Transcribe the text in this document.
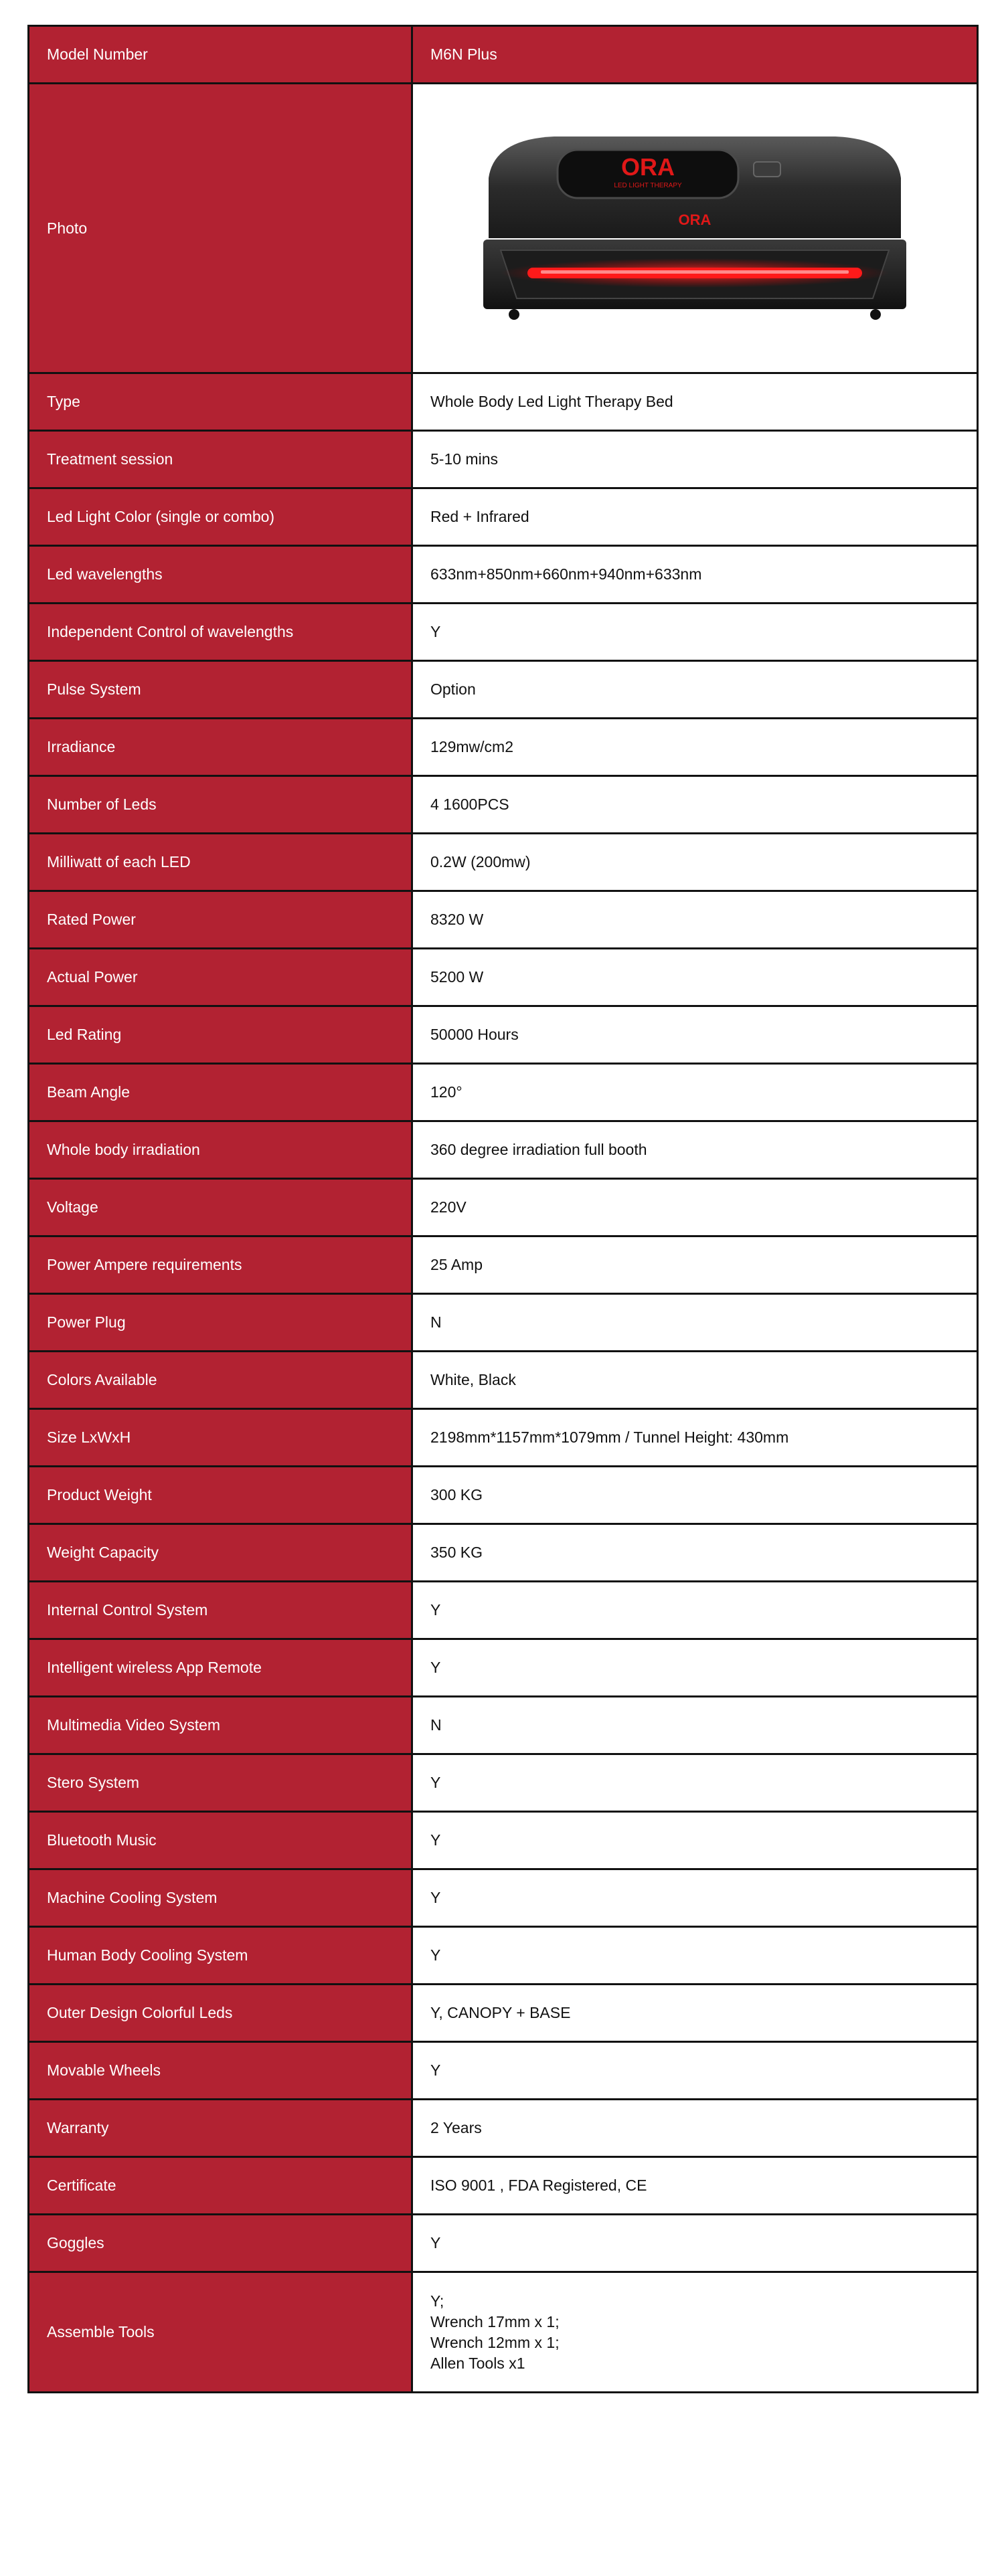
Model Number	M6N Plus
Photo	ORA
LED LIGHT THERAPY
ORA

Type	Whole Body Led Light Therapy Bed
Treatment session	5-10 mins
Led Light Color (single or combo)	Red + Infrared
Led wavelengths	633nm+850nm+660nm+940nm+633nm
Independent Control of wavelengths	Y
Pulse System	Option
Irradiance	129mw/cm2
Number of Leds	4 1600PCS
Milliwatt of each LED	0.2W (200mw)
Rated Power	8320 W
Actual Power	5200 W
Led Rating	50000 Hours
Beam Angle	120°
Whole body irradiation	360 degree irradiation full booth
Voltage	220V
Power Ampere requirements	25 Amp
Power Plug	N
Colors Available	White, Black
Size LxWxH	2198mm*1157mm*1079mm / Tunnel Height: 430mm
Product Weight	300 KG
Weight Capacity	350 KG
Internal Control System	Y
Intelligent wireless App Remote	Y
Multimedia Video System	N
Stero System	Y
Bluetooth Music	Y
Machine Cooling System	Y
Human Body Cooling System	Y
Outer Design Colorful Leds	Y, CANOPY + BASE
Movable Wheels	Y
Warranty	2 Years
Certificate	ISO 9001 , FDA Registered, CE
Goggles	Y
Assemble Tools	Y;
Wrench 17mm x 1;
Wrench 12mm x 1;
Allen Tools x1
